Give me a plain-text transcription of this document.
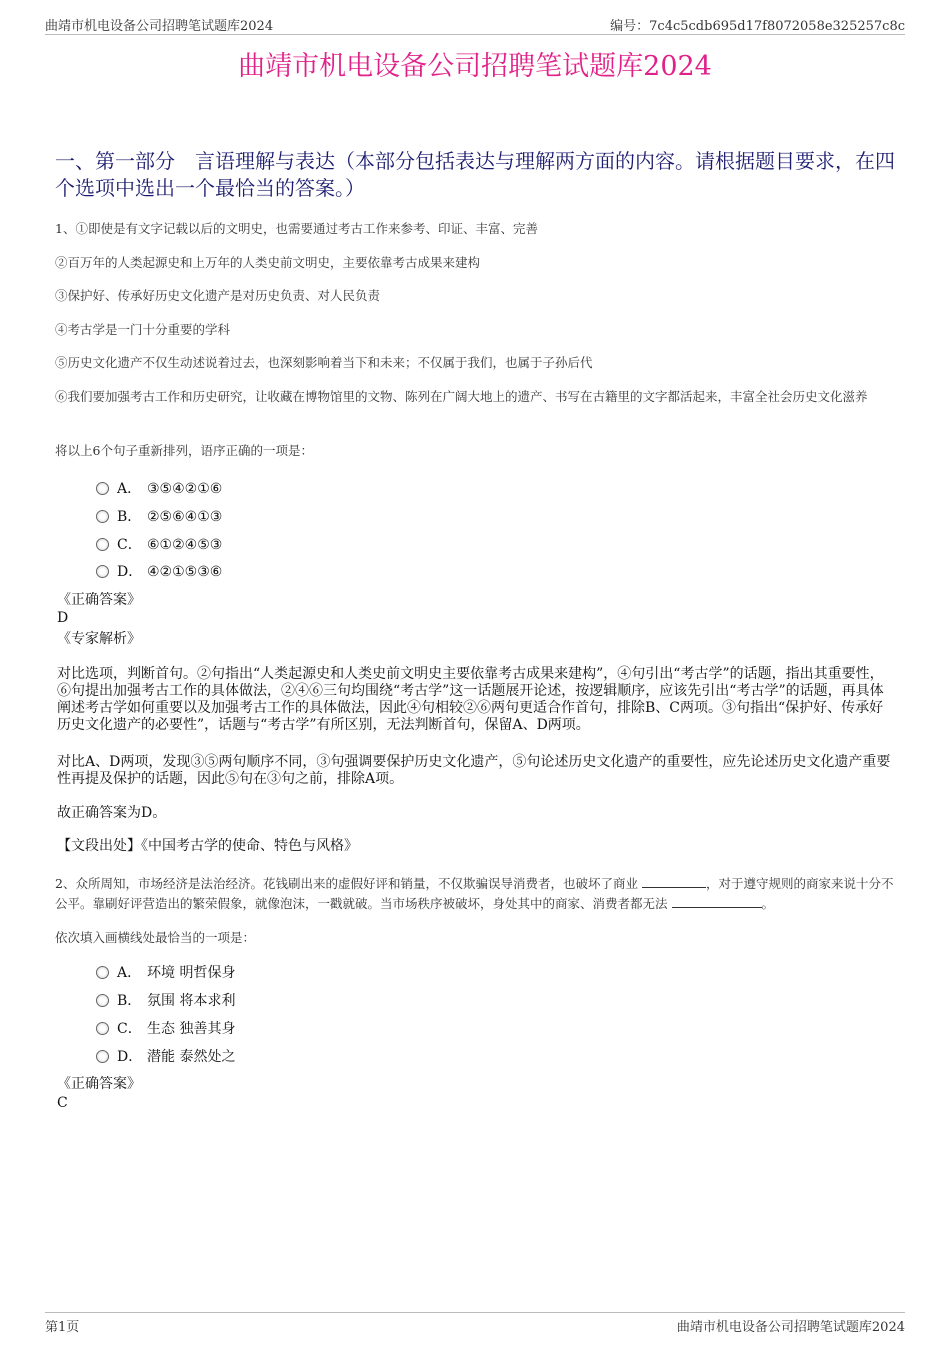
曲靖市机电设备公司招聘笔试题库2024	编号：7c4c5cdb695d17f8072058e325257c8c
曲靖市机电设备公司招聘笔试题库2024
一、第一部分　言语理解与表达（本部分包括表达与理解两方面的内容。请根据题目要求，在四个选项中选出一个最恰当的答案。）
1、①即使是有文字记载以后的文明史，也需要通过考古工作来参考、印证、丰富、完善
②百万年的人类起源史和上万年的人类史前文明史，主要依靠考古成果来建构
③保护好、传承好历史文化遗产是对历史负责、对人民负责
④考古学是一门十分重要的学科
⑤历史文化遗产不仅生动述说着过去，也深刻影响着当下和未来；不仅属于我们，也属于子孙后代
⑥我们要加强考古工作和历史研究，让收藏在博物馆里的文物、陈列在广阔大地上的遗产、书写在古籍里的文字都活起来，丰富全社会历史文化滋养
将以上6个句子重新排列，语序正确的一项是：
A． ③⑤④②①⑥
B． ②⑤⑥④①③
C． ⑥①②④⑤③
D． ④②①⑤③⑥
《正确答案》
D
《专家解析》
对比选项，判断首句。②句指出“人类起源史和人类史前文明史主要依靠考古成果来建构”，④句引出“考古学”的话题，指出其重要性，⑥句提出加强考古工作的具体做法，②④⑥三句均围绕“考古学”这一话题展开论述，按逻辑顺序，应该先引出“考古学”的话题，再具体阐述考古学如何重要以及加强考古工作的具体做法，因此④句相较②⑥两句更适合作首句，排除B、C两项。③句指出“保护好、传承好历史文化遗产的必要性”，话题与“考古学”有所区别，无法判断首句，保留A、D两项。
对比A、D两项，发现③⑤两句顺序不同，③句强调要保护历史文化遗产，⑤句论述历史文化遗产的重要性，应先论述历史文化遗产重要性再提及保护的话题，因此⑤句在③句之前，排除A项。
故正确答案为D。
【文段出处】《中国考古学的使命、特色与风格》
2、众所周知，市场经济是法治经济。花钱刷出来的虚假好评和销量，不仅欺骗误导消费者，也破坏了商业	，对于遵守规则的商家来说十分不公平。靠刷好评营造出的繁荣假象，就像泡沫，一戳就破。当市场秩序被破坏，身处其中的商家、消费者都无法	。
依次填入画横线处最恰当的一项是：
A． 环境 明哲保身
B． 氛围 将本求利
C． 生态 独善其身
D． 潜能 泰然处之
《正确答案》
C
第1页	曲靖市机电设备公司招聘笔试题库2024
